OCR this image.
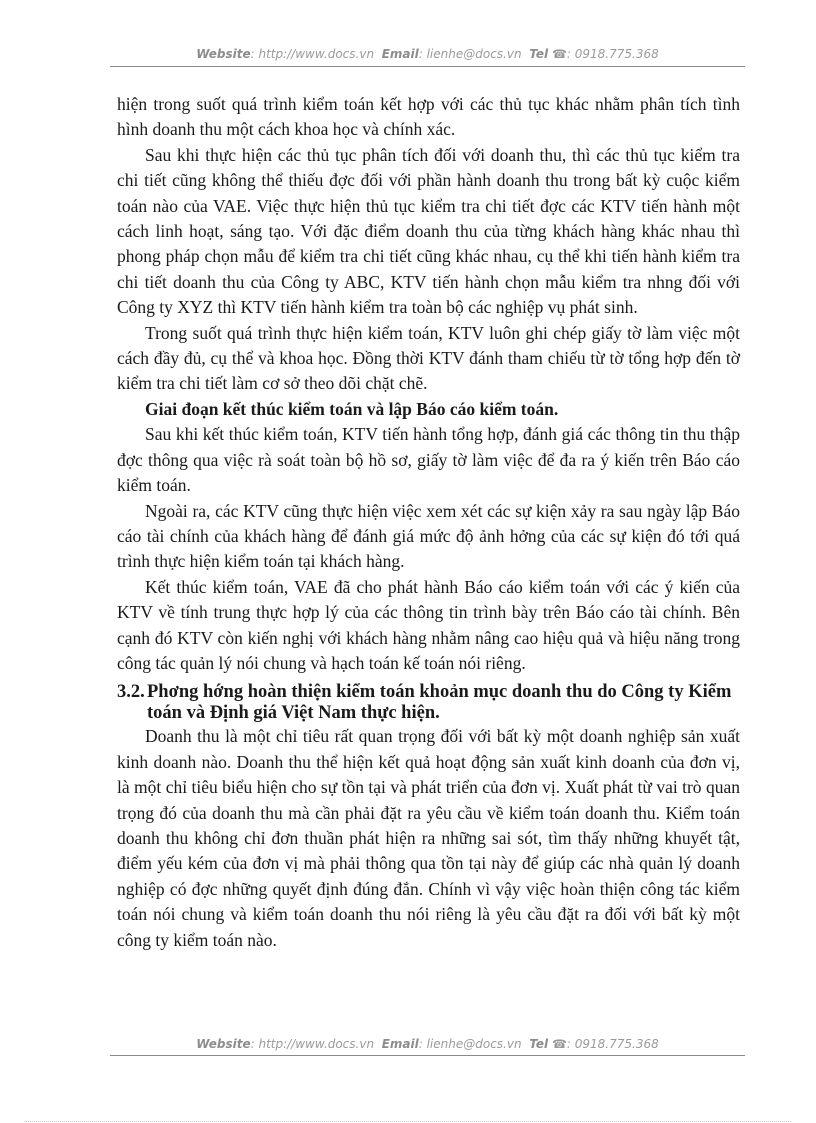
Website: http://www.docs.vn Email: lienhe@docs.vn Tel ☎: 0918.775.368

hiện trong suốt quá trình kiểm toán kết hợp với các thủ tục khác nhằm phân tích tình hình doanh thu một cách khoa học và chính xác.

Sau khi thực hiện các thủ tục phân tích đối với doanh thu, thì các thủ tục kiểm tra chi tiết cũng không thể thiếu đợc đối với phần hành doanh thu trong bất kỳ cuộc kiểm toán nào của VAE. Việc thực hiện thủ tục kiểm tra chi tiết đợc các KTV tiến hành một cách linh hoạt, sáng tạo. Với đặc điểm doanh thu của từng khách hàng khác nhau thì phong pháp chọn mẫu để kiểm tra chi tiết cũng khác nhau, cụ thể khi tiến hành kiểm tra chi tiết doanh thu của Công ty ABC, KTV tiến hành chọn mẫu kiểm tra nhng đối với Công ty XYZ thì KTV tiến hành kiểm tra toàn bộ các nghiệp vụ phát sinh.

Trong suốt quá trình thực hiện kiểm toán, KTV luôn ghi chép giấy tờ làm việc một cách đầy đủ, cụ thể và khoa học. Đồng thời KTV đánh tham chiếu từ tờ tổng hợp đến tờ kiểm tra chi tiết làm cơ sở theo dõi chặt chẽ.

Giai đoạn kết thúc kiểm toán và lập Báo cáo kiểm toán.

Sau khi kết thúc kiểm toán, KTV tiến hành tổng hợp, đánh giá các thông tin thu thập đợc thông qua việc rà soát toàn bộ hồ sơ, giấy tờ làm việc để đa ra ý kiến trên Báo cáo kiểm toán.

Ngoài ra, các KTV cũng thực hiện việc xem xét các sự kiện xảy ra sau ngày lập Báo cáo tài chính của khách hàng để đánh giá mức độ ảnh hởng của các sự kiện đó tới quá trình thực hiện kiểm toán tại khách hàng.

Kết thúc kiểm toán, VAE đã cho phát hành Báo cáo kiểm toán với các ý kiến của KTV về tính trung thực hợp lý của các thông tin trình bày trên Báo cáo tài chính. Bên cạnh đó KTV còn kiến nghị với khách hàng nhằm nâng cao hiệu quả và hiệu năng trong công tác quản lý nói chung và hạch toán kế toán nói riêng.

3.2. Phơng hớng hoàn thiện kiểm toán khoản mục doanh thu do Công ty Kiểm toán và Định giá Việt Nam thực hiện.

Doanh thu là một chỉ tiêu rất quan trọng đối với bất kỳ một doanh nghiệp sản xuất kinh doanh nào. Doanh thu thể hiện kết quả hoạt động sản xuất kinh doanh của đơn vị, là một chỉ tiêu biểu hiện cho sự tồn tại và phát triển của đơn vị. Xuất phát từ vai trò quan trọng đó của doanh thu mà cần phải đặt ra yêu cầu về kiểm toán doanh thu. Kiểm toán doanh thu không chỉ đơn thuần phát hiện ra những sai sót, tìm thấy những khuyết tật, điểm yếu kém của đơn vị mà phải thông qua tồn tại này để giúp các nhà quản lý doanh nghiệp có đợc những quyết định đúng đắn. Chính vì vậy việc hoàn thiện công tác kiểm toán nói chung và kiểm toán doanh thu nói riêng là yêu cầu đặt ra đối với bất kỳ một công ty kiểm toán nào.

Website: http://www.docs.vn Email: lienhe@docs.vn Tel ☎: 0918.775.368
